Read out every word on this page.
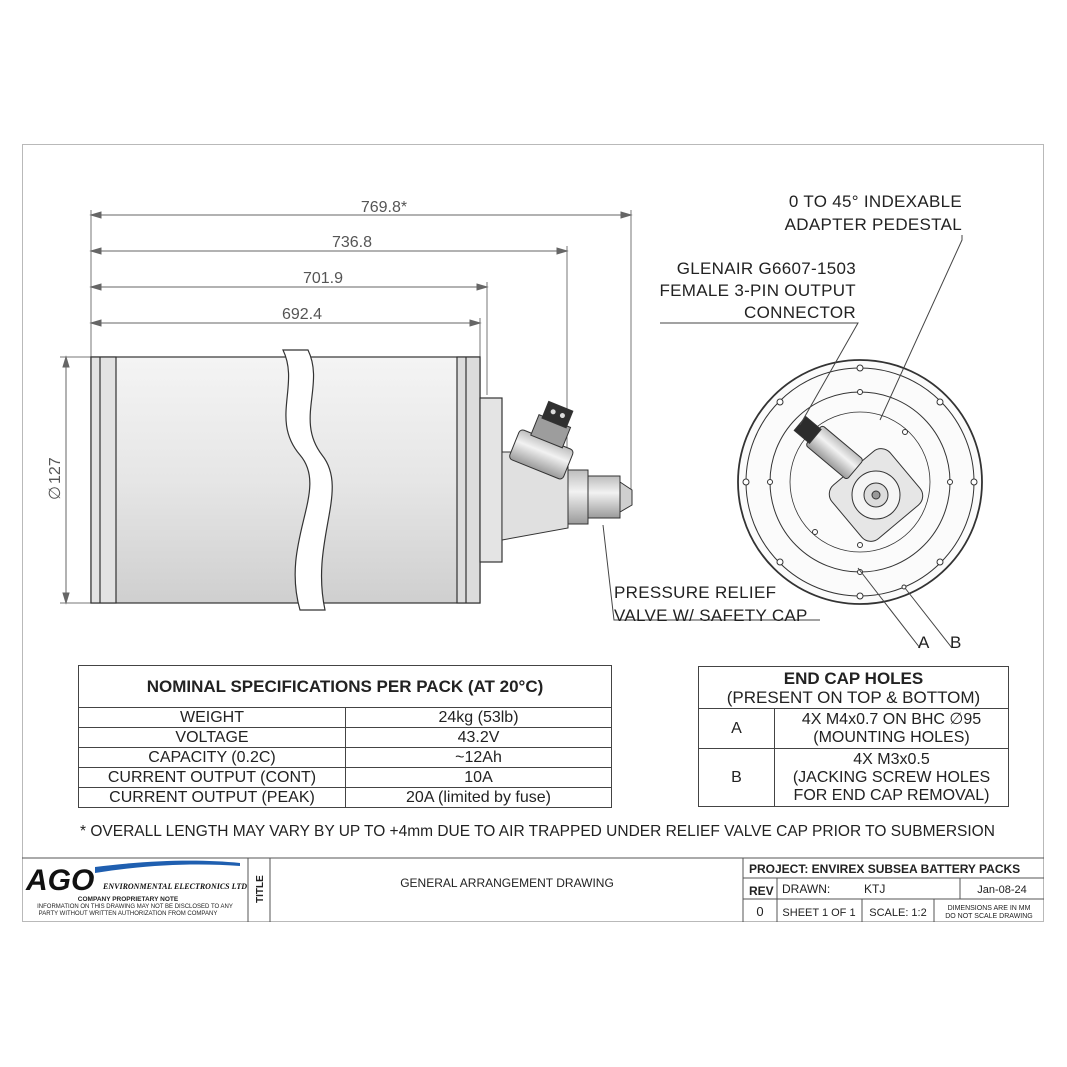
769.8*
736.8
701.9
692.4
∅
127
PRESSURE RELIEF
VALVE W/ SAFETY CAP
0 TO 45° INDEXABLE
ADAPTER PEDESTAL
GLENAIR G6607-1503
FEMALE 3-PIN OUTPUT
CONNECTOR
A B
NOMINAL SPECIFICATIONS PER PACK (AT 20°C)	
WEIGHT	24kg (53lb)
VOLTAGE	43.2V
CAPACITY (0.2C)	~12Ah
CURRENT OUTPUT (CONT)	10A
CURRENT OUTPUT (PEAK)	20A (limited by fuse)
END CAP HOLES
(PRESENT ON TOP & BOTTOM)	

A	4X M4x0.7 ON BHC ∅95
(MOUNTING HOLES)

B	4X M3x0.5
(JACKING SCREW HOLES
FOR END CAP REMOVAL)
* OVERALL LENGTH MAY VARY BY UP TO +4mm DUE TO AIR TRAPPED UNDER RELIEF VALVE CAP PRIOR TO SUBMERSION
AGO ENVIRONMENTAL ELECTRONICS LTD
COMPANY PROPRIETARY NOTE
INFORMATION ON THIS DRAWING MAY NOT BE DISCLOSED TO ANY
PARTY WITHOUT WRITTEN AUTHORIZATION FROM COMPANY
TITLE	GENERAL ARRANGEMENT DRAWING
PROJECT: ENVIREX SUBSEA BATTERY PACKS
REV DRAWN:	KTJ	Jan-08-24
0 SHEET 1 OF 1 SCALE: 1:2	DIMENSIONS ARE IN MM
DO NOT SCALE DRAWING
